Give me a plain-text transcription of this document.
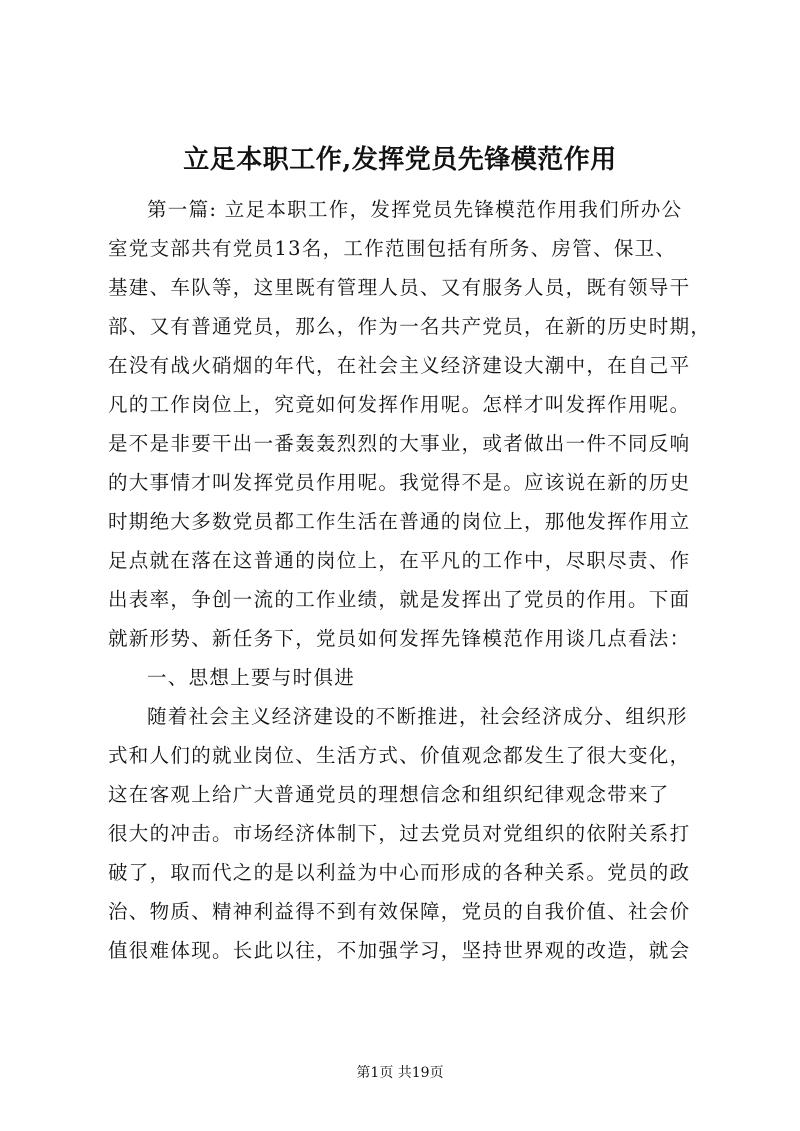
立足本职工作,发挥党员先锋模范作用
第一篇: 立足本职工作，发挥党员先锋模范作用我们所办公
室党支部共有党员13名，工作范围包括有所务、房管、保卫、
基建、车队等，这里既有管理人员、又有服务人员，既有领导干
部、又有普通党员，那么，作为一名共产党员，在新的历史时期，
在没有战火硝烟的年代，在社会主义经济建设大潮中，在自己平
凡的工作岗位上，究竟如何发挥作用呢。怎样才叫发挥作用呢。
是不是非要干出一番轰轰烈烈的大事业，或者做出一件不同反响
的大事情才叫发挥党员作用呢。我觉得不是。应该说在新的历史
时期绝大多数党员都工作生活在普通的岗位上，那他发挥作用立
足点就在落在这普通的岗位上，在平凡的工作中，尽职尽责、作
出表率，争创一流的工作业绩，就是发挥出了党员的作用。下面
就新形势、新任务下，党员如何发挥先锋模范作用谈几点看法：
一、思想上要与时俱进
随着社会主义经济建设的不断推进，社会经济成分、组织形
式和人们的就业岗位、生活方式、价值观念都发生了很大变化，
这在客观上给广大普通党员的理想信念和组织纪律观念带来了
很大的冲击。市场经济体制下，过去党员对党组织的依附关系打
破了，取而代之的是以利益为中心而形成的各种关系。党员的政
治、物质、精神利益得不到有效保障，党员的自我价值、社会价
值很难体现。长此以往，不加强学习，坚持世界观的改造，就会
第1页 共19页
